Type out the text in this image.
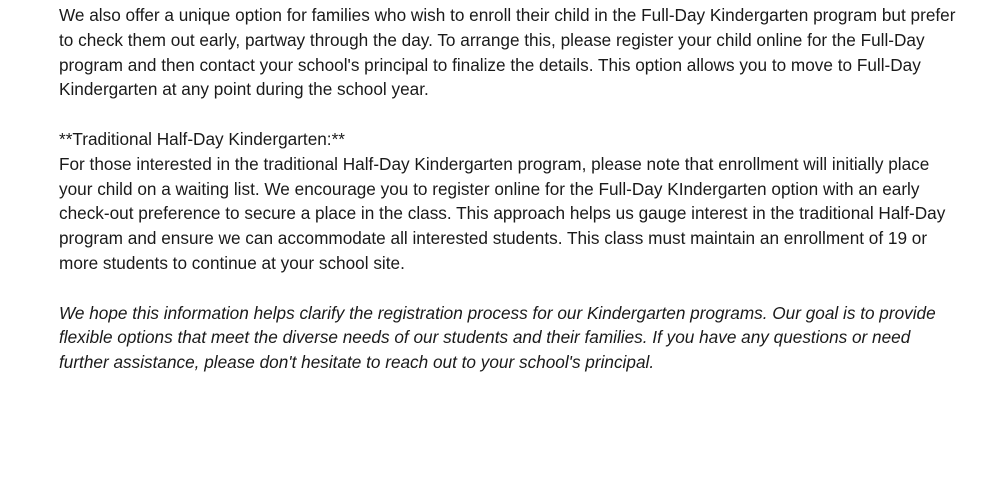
We also offer a unique option for families who wish to enroll their child in the Full-Day Kindergarten program but prefer to check them out early, partway through the day. To arrange this, please register your child online for the Full-Day program and then contact your school's principal to finalize the details. This option allows you to move to Full-Day Kindergarten at any point during the school year.

**Traditional Half-Day Kindergarten:**

For those interested in the traditional Half-Day Kindergarten program, please note that enrollment will initially place your child on a waiting list. We encourage you to register online for the Full-Day KIndergarten option with an early check-out preference to secure a place in the class. This approach helps us gauge interest in the traditional Half-Day program and ensure we can accommodate all interested students. This class must maintain an enrollment of 19 or more students to continue at your school site.

We hope this information helps clarify the registration process for our Kindergarten programs. Our goal is to provide flexible options that meet the diverse needs of our students and their families. If you have any questions or need further assistance, please don't hesitate to reach out to your school's principal.
